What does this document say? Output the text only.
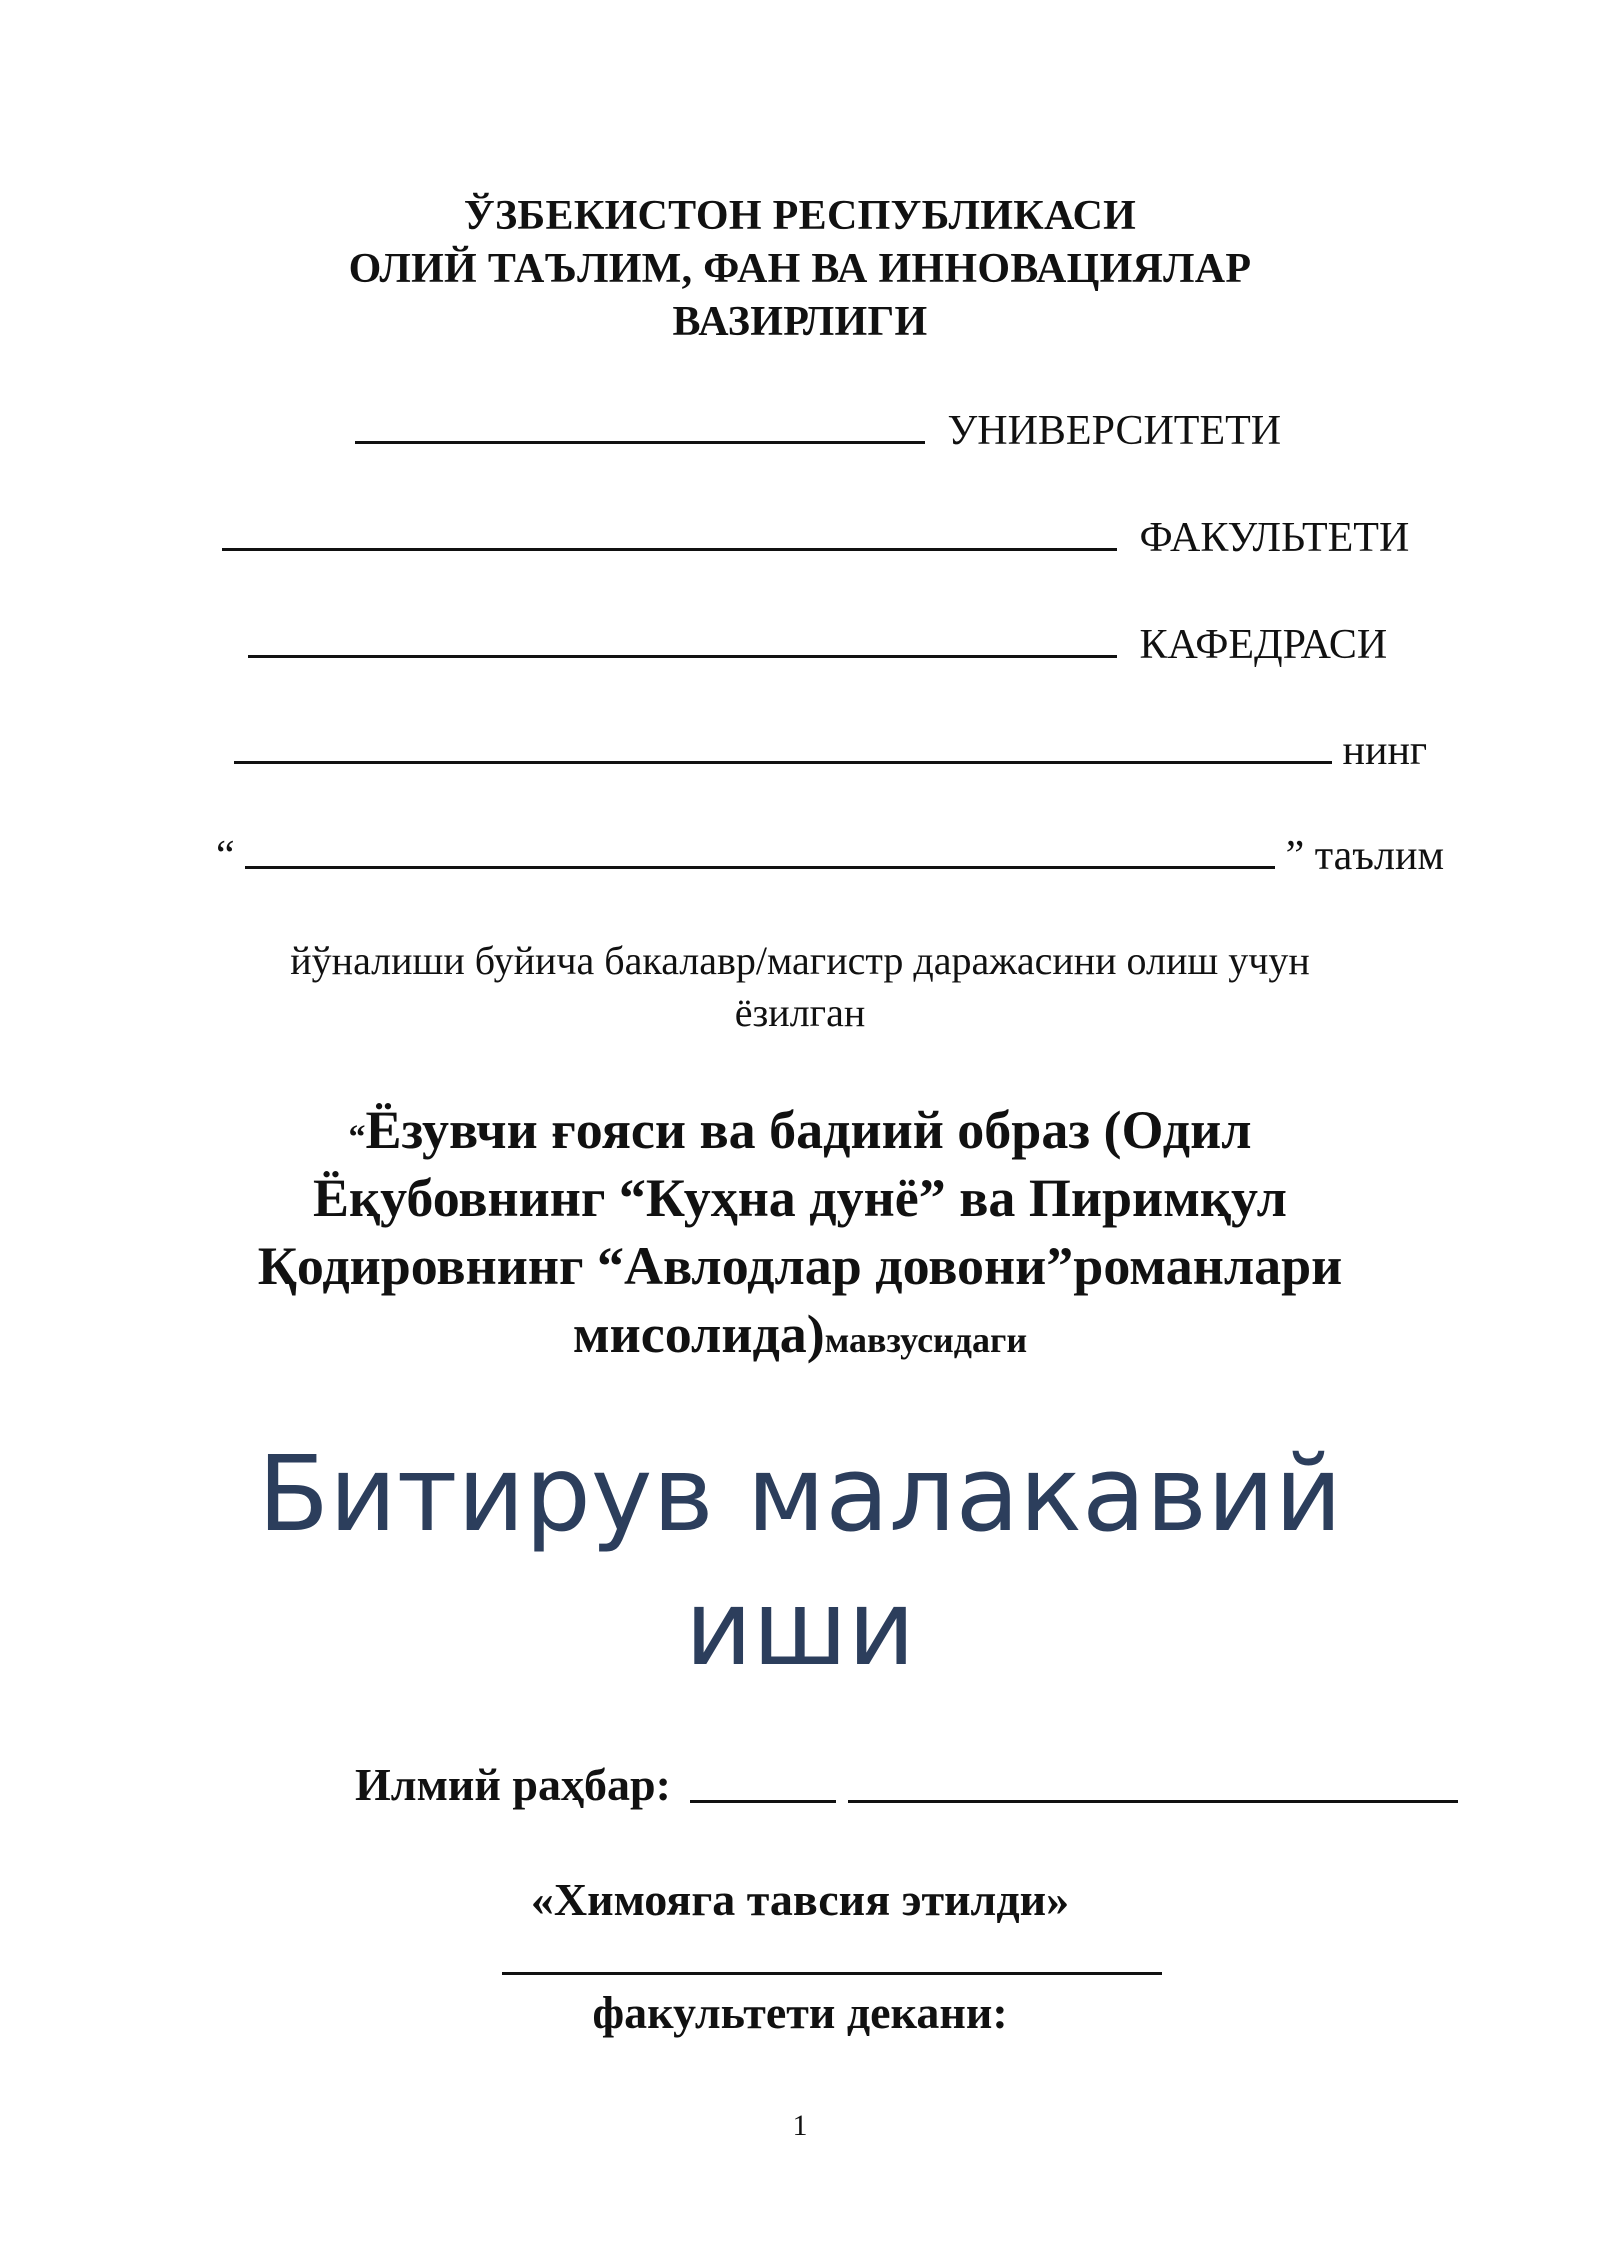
ЎЗБЕКИСТОН РЕСПУБЛИКАСИ
ОЛИЙ ТАЪЛИМ, ФАН ВА ИННОВАЦИЯЛАР
ВАЗИРЛИГИ
УНИВЕРСИТЕТИ
ФАКУЛЬТЕТИ
КАФЕДРАСИ
нинг
“	” таълим
йўналиши буйича бакалавр/магистр даражасини олиш учун
ёзилган
“Ёзувчи ғояси ва бадиий образ (Одил
Ёқубовнинг “Куҳна дунё” ва Пиримқул
Қодировнинг “Авлодлар довони”романлари
мисолида)мавзусидаги
Битирув малакавий
иши
Илмий раҳбар:
«Химояга тавсия этилди»
факультети декани:
1
